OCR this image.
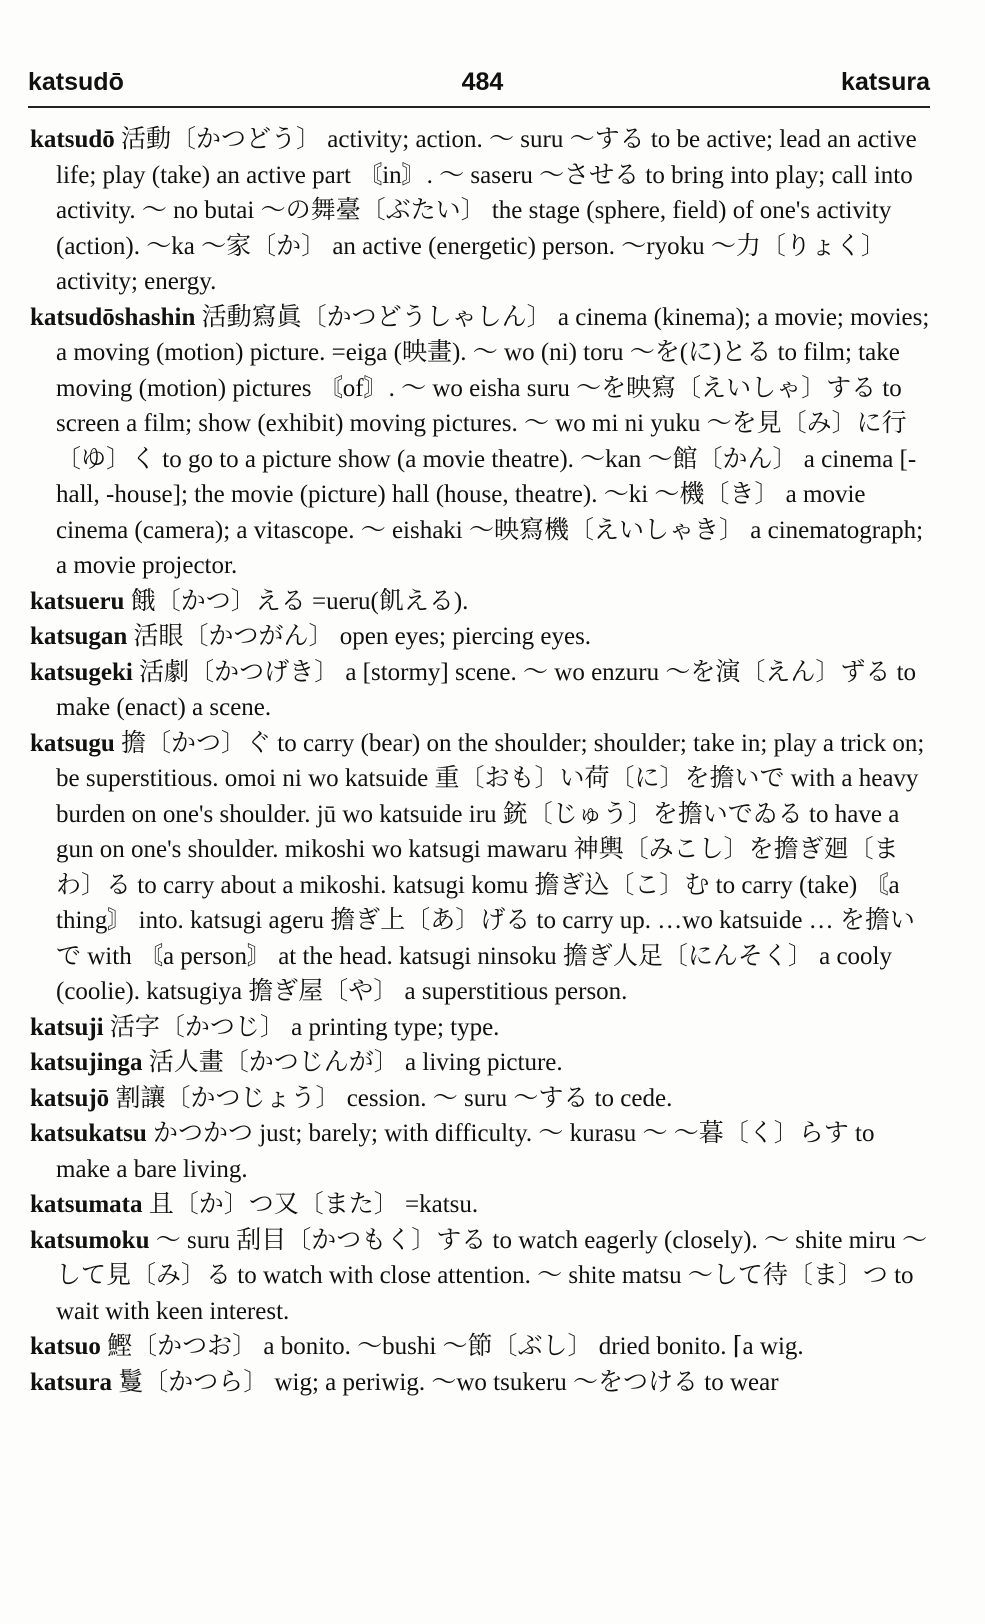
katsudō	484	katsura

katsudō 活動〔かつどう〕 activity; action. ～ suru ～する to be active; lead an active life; play (take) an active part 〘in〙. ～ saseru ～させる to bring into play; call into activity. ～ no butai ～の舞臺〔ぶたい〕 the stage (sphere, field) of one's activity (action). ～ka ～家〔か〕 an active (energetic) person. ～ryoku ～力〔りょく〕 activity; energy.

katsudōshashin 活動寫眞〔かつどうしゃしん〕 a cinema (kinema); a movie; movies; a moving (motion) picture. =eiga (映畫). ～ wo (ni) toru ～を(に)とる to film; take moving (motion) pictures 〘of〙. ～ wo eisha suru ～を映寫〔えいしゃ〕する to screen a film; show (exhibit) moving pictures. ～ wo mi ni yuku ～を見〔み〕に行〔ゆ〕く to go to a picture show (a movie theatre). ～kan ～館〔かん〕 a cinema [-hall, -house]; the movie (picture) hall (house, theatre). ～ki ～機〔き〕 a movie cinema (camera); a vitascope. ～ eishaki ～映寫機〔えいしゃき〕 a cinematograph; a movie projector.

katsueru 餓〔かつ〕える =ueru(飢える).

katsugan 活眼〔かつがん〕 open eyes; piercing eyes.

katsugeki 活劇〔かつげき〕 a [stormy] scene. ～ wo enzuru ～を演〔えん〕ずる to make (enact) a scene.

katsugu 擔〔かつ〕ぐ to carry (bear) on the shoulder; shoulder; take in; play a trick on; be superstitious. omoi ni wo katsuide 重〔おも〕い荷〔に〕を擔いで with a heavy burden on one's shoulder. jū wo katsuide iru 銃〔じゅう〕を擔いでゐる to have a gun on one's shoulder. mikoshi wo katsugi mawaru 神輿〔みこし〕を擔ぎ廻〔まわ〕る to carry about a mikoshi. katsugi komu 擔ぎ込〔こ〕む to carry (take) 〘a thing〙 into. katsugi ageru 擔ぎ上〔あ〕げる to carry up. …wo katsuide … を擔いで with 〘a person〙 at the head. katsugi ninsoku 擔ぎ人足〔にんそく〕 a cooly (coolie). katsugiya 擔ぎ屋〔や〕 a superstitious person.

katsuji 活字〔かつじ〕 a printing type; type.

katsujinga 活人畫〔かつじんが〕 a living picture.

katsujō 割讓〔かつじょう〕 cession. ～ suru ～する to cede.

katsukatsu かつかつ just; barely; with difficulty. ～ kurasu ～ ～暮〔く〕らす to make a bare living.

katsumata 且〔か〕つ又〔また〕 =katsu.

katsumoku ～ suru 刮目〔かつもく〕する to watch eagerly (closely). ～ shite miru ～して見〔み〕る to watch with close attention. ～ shite matsu ～して待〔ま〕つ to wait with keen interest.

katsuo 鰹〔かつお〕 a bonito. ～bushi ～節〔ぶし〕 dried bonito. ⌈a wig.

katsura 鬘〔かつら〕 wig; a periwig. ～wo tsukeru ～をつける to wear
